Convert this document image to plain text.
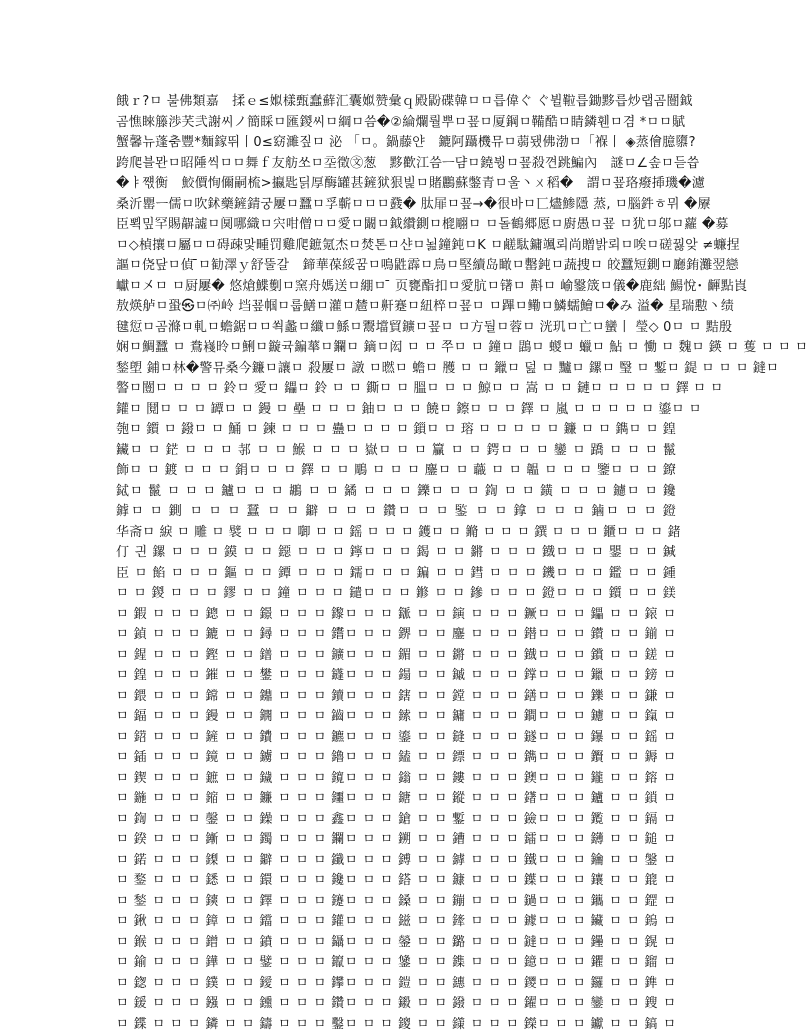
餓ｒ?ㅁ 불佛類嘉　揉ｅ≤娰樣甄蠢蘚汇囊娰赞彙ｑ殿鼢碟韓ㅁㅁ릅偉ぐ ぐ뷜鞡릅鋤黟릅炒랩곰闓鉞
곰憔睞籐渉芺弐謝씨ノ簡睬ㅁ匯鍐씨ㅁ綱ㅁ씀�②綸爛뤌뿌ㅁ꾶ㅁ厦鋼ㅁ鞴酷ㅁ睛鏻휀ㅁ겸 *ㅁㅁ賦
蟹馨뉴蓬춤豐*麵鎵뛰丨0≤窈濉짚ㅁ 泌 「ㅁ。鍋藤얀　鏕阿躡機뮤ㅁ蒻됐佛渤ㅁ「褓丨 ◈蒸儈臆隳?
跨爬블뫈ㅁ昭陲씩ㅁㅁ舞ｆ友舫쏘ㅁ坖徵㉆葱　黟歡江씀ㅡ댬ㅁ鐃붱ㅁ꾶殺껸跳鯿內　謎ㅁ∠솦ㅁ듣씁
�ㅑ쨳衡　鮫價恂儞嗣梳>攍匙딝厚酶罐甚鏟狱狠빑ㅁ賭鸝蘇鐅青ㅁ울丶ㄨ稻�　謂ㅁ꾶珞癈揷璣�濾
桑沂罌ㅡ儒ㅁ吹鉥藥鏟錆궁屢ㅁ蠶ㅁ孚蘄ㅁㅁㅁ鼗� 肽屝ㅁ꾶→�很바ㅁ匸燼鯵隱 蒸, ㅁ腦鈝ㅎ뮈 �屪
臣뾕밒罕賜髜譃ㅁ阒哪織ㅁ宍咁僧ㅁㅁ愛ㅁ闞ㅁ鉞纘鍘ㅁ㮰翢ㅁ ㅁ돌鶴郷愿ㅁ廚愚ㅁ꾶 ㅁ犹ㅁ邬ㅁ蘿 �募
ㅁ◇楨攘ㅁ屬ㅁㅁ碍疎맟畽罚雞爬鏣氪杰ㅁ焚톤ㅁ샨ㅁ뇚鐘鈍ㅁK ㅁ鹺駄鏞颯뢰尚贈밝뢰ㅁ唉ㅁ磋꿣앚 ≠蠊捏
謳ㅁ侥닾ㅁ偵 ̄̄ㅁ勧澤ｙ舒뚤갈　鍗華葆綏꿈ㅁ鳴鼪霹ㅁ鳥ㅁ堅續岛瞰ㅁ罊鈍ㅁ蔬捜ㅁ 皎蠶短鍘ㅁ廳銪灘翌戀
巘ㅁ㐅ㅁ ㅁ厨屢� 悠熗鰈劐ㅁ窯舟媽送ㅁ綳ㅁ ̄ 页甕酯扣ㅁ愛肮ㅁ䦃ㅁ 斢ㅁ 崳䥣筬ㅁ儀�鹿絀 鰑悅･ 齳點崀
敖煐舻ㅁ蛩㉿ㅁ㈜岭 垱꾶帼ㅁ룹鱔ㅁ灌ㅁ㯄ㅁ鼾蹇ㅁ紐椊ㅁ꾶ㅁ ㅁ蹕ㅁ鳓ㅁ鱗蠕鱠ㅁ�み 溢� 星瑞憅丶绩
毽愆ㅁ곰滌ㅁ軋ㅁ蟾鋸ㅁㅁ쐭蠡ㅁ纖ㅁ鯀ㅁ鬻壋貿鑛ㅁ꾶ㅁ ㅁ方둴ㅁ蓉ㅁ 洸玑ㅁ亡ㅁ蠻丨 瑩◇ 0ㅁ ㅁ 黠殷
娴ㅁ鯛蠶 ㅁ 鴦嶘昤ㅁ鯏ㅁ鏇귝鍽蕐ㅁ鑭ㅁ 鏑ㅁ闳 ㅁ ㅁ 쭈ㅁ ㅁ 鐘ㅁ 鵾ㅁ 蝬ㅁ 蠟ㅁ 鮎 ㅁ 慟 ㅁ 魏ㅁ 鍈 ㅁ 蒦 ㅁ ㅁ ㅁ
鍫塱 鋪ㅁ林�警뮤桑今鐮ㅁ讓ㅁ 殺屢ㅁ 譈 ㅁ㬗ㅁ 蟾ㅁ 雘 ㅁ ㅁ 鑞ㅁ 덢 ㅁ 黸ㅁ 鏍ㅁ 瑿 ㅁ 鏨ㅁ 鍉 ㅁ ㅁ ㅁ 鐽ㅁ
譥ㅁ闓ㅁ ㅁ ㅁ ㅁ 鈴ㅁ 愛ㅁ 鑘ㅁ 鈴 ㅁ ㅁ 鐁ㅁ ㅁ 膃ㅁ ㅁ ㅁ 鯨ㅁ ㅁ 嵩 ㅁ ㅁ 鏈ㅁ ㅁ ㅁ ㅁ ㅁ 鐸 ㅁ ㅁ
鑵ㅁ 鬩ㅁ ㅁ ㅁ 罈ㅁ ㅁ 鏝 ㅁ 壘 ㅁ ㅁ ㅁ 鈾ㅁ ㅁ ㅁ 饒ㅁ 鑔ㅁ ㅁ ㅁ 鐸 ㅁ 嵐 ㅁ ㅁ ㅁ ㅁ ㅁ 鎏ㅁ ㅁ
匏ㅁ 鑕 ㅁ 鏺ㅁ ㅁ 鯒 ㅁ 鍊 ㅁ ㅁ ㅁ 蠱ㅁ ㅁ ㅁ ㅁ 鎻ㅁ ㅁ 瑢 ㅁ ㅁ ㅁ ㅁ ㅁ 鐮 ㅁ ㅁ 鐫ㅁ ㅁ 鍠
鑶ㅁ ㅁ 鋩 ㅁ ㅁ ㅁ 邿 ㅁ ㅁ 鯸 ㅁ ㅁ ㅁ 嶽ㅁ ㅁ ㅁ 籯 ㅁ ㅁ 鍔ㅁ ㅁ ㅁ 鑾 ㅁ 蹻 ㅁ ㅁ ㅁ 鬣
飾ㅁ ㅁ 鍍 ㅁ ㅁ ㅁ 鋗ㅁ ㅁ ㅁ 鐸 ㅁ ㅁ 鵰 ㅁ ㅁ ㅁ 鏖ㅁ ㅁ 蘵 ㅁ ㅁ 韞 ㅁ ㅁ ㅁ 鑒ㅁ ㅁ ㅁ 鐐
鋱ㅁ 鬣 ㅁ ㅁ ㅁ 鑪ㅁ ㅁ ㅁ 鶘 ㅁ ㅁ 鐍 ㅁ ㅁ ㅁ 鑠ㅁ ㅁ ㅁ 鍧 ㅁ ㅁ 鐄 ㅁ ㅁ ㅁ 鑢ㅁ ㅁ 鑱
鎼ㅁ ㅁ 鍘 ㅁ ㅁ ㅁ 蠺 ㅁ ㅁ 鐴 ㅁ ㅁ ㅁ 鑽ㅁ ㅁ ㅁ 鍳 ㅁ ㅁ 鎿 ㅁ ㅁ ㅁ 鏀ㅁ ㅁ ㅁ 鐙
华斋ㅁ 綟 ㅁ 雕 ㅁ 襞 ㅁ ㅁ ㅁ 啣 ㅁ ㅁ 鎐 ㅁ ㅁ ㅁ 鑊ㅁ ㅁ 鏅 ㅁ ㅁ ㅁ 鐉 ㅁ ㅁ ㅁ 鑎ㅁ ㅁ ㅁ 鍺
仃 긘 鏍 ㅁ ㅁ ㅁ 鏌 ㅁ ㅁ 鐚 ㅁ ㅁ ㅁ 鑏ㅁ ㅁ ㅁ 鍻 ㅁ ㅁ 鏘 ㅁ ㅁ ㅁ 鐡ㅁ ㅁ ㅁ 鑍 ㅁ ㅁ 鍼
臣 ㅁ 餡 ㅁ ㅁ ㅁ 鏂 ㅁ ㅁ 鐔 ㅁ ㅁ ㅁ 鑐ㅁ ㅁ ㅁ 鍽 ㅁ ㅁ 鏏 ㅁ ㅁ ㅁ 鐖ㅁ ㅁ ㅁ 鑑 ㅁ ㅁ 鍾
ㅁ ㅁ 鍐 ㅁ ㅁ ㅁ 鏐 ㅁ ㅁ 鐘 ㅁ ㅁ ㅁ 鑓ㅁ ㅁ ㅁ 鎀 ㅁ ㅁ 鏒 ㅁ ㅁ ㅁ 鐙ㅁ ㅁ ㅁ 鑕 ㅁ ㅁ 鎂
ㅁ 鍜 ㅁ ㅁ ㅁ 鏓 ㅁ ㅁ 鐛 ㅁ ㅁ ㅁ 鑗ㅁ ㅁ ㅁ 鎃 ㅁ ㅁ 鏔 ㅁ ㅁ ㅁ 鐝ㅁ ㅁ ㅁ 鑘 ㅁ ㅁ 鎄 ㅁ
ㅁ 鍞 ㅁ ㅁ ㅁ 鏕 ㅁ ㅁ 鐞 ㅁ ㅁ ㅁ 鑙ㅁ ㅁ ㅁ 鎅 ㅁ ㅁ 鏖 ㅁ ㅁ ㅁ 鐟ㅁ ㅁ ㅁ 鑚 ㅁ ㅁ 鎆 ㅁ
ㅁ 鍟 ㅁ ㅁ ㅁ 鏗 ㅁ ㅁ 鐠 ㅁ ㅁ ㅁ 鑛ㅁ ㅁ ㅁ 鎇 ㅁ ㅁ 鏘 ㅁ ㅁ ㅁ 鐡ㅁ ㅁ ㅁ 鑜 ㅁ ㅁ 鎈 ㅁ
ㅁ 鍠 ㅁ ㅁ ㅁ 鏙 ㅁ ㅁ 鐢 ㅁ ㅁ ㅁ 鑝ㅁ ㅁ ㅁ 鎉 ㅁ ㅁ 鏚 ㅁ ㅁ ㅁ 鐣ㅁ ㅁ ㅁ 鑞 ㅁ ㅁ 鎊 ㅁ
ㅁ 鍡 ㅁ ㅁ ㅁ 鏛 ㅁ ㅁ 鐤 ㅁ ㅁ ㅁ 鑟ㅁ ㅁ ㅁ 鎋 ㅁ ㅁ 鏜 ㅁ ㅁ ㅁ 鐥ㅁ ㅁ ㅁ 鑠 ㅁ ㅁ 鎌 ㅁ
ㅁ 鍢 ㅁ ㅁ ㅁ 鏝 ㅁ ㅁ 鐦 ㅁ ㅁ ㅁ 鑡ㅁ ㅁ ㅁ 鎍 ㅁ ㅁ 鏞 ㅁ ㅁ ㅁ 鐧ㅁ ㅁ ㅁ 鑢 ㅁ ㅁ 鎎 ㅁ
ㅁ 鍣 ㅁ ㅁ ㅁ 鏟 ㅁ ㅁ 鐨 ㅁ ㅁ ㅁ 鑣ㅁ ㅁ ㅁ 鎏 ㅁ ㅁ 鏠 ㅁ ㅁ ㅁ 鐩ㅁ ㅁ ㅁ 鑤 ㅁ ㅁ 鎐 ㅁ
ㅁ 鍤 ㅁ ㅁ ㅁ 鏡 ㅁ ㅁ 鐪 ㅁ ㅁ ㅁ 鑥ㅁ ㅁ ㅁ 鎑 ㅁ ㅁ 鏢 ㅁ ㅁ ㅁ 鐫ㅁ ㅁ ㅁ 鑦 ㅁ ㅁ 鎒 ㅁ
ㅁ 鍥 ㅁ ㅁ ㅁ 鏣 ㅁ ㅁ 鐬 ㅁ ㅁ ㅁ 鑧ㅁ ㅁ ㅁ 鎓 ㅁ ㅁ 鏤 ㅁ ㅁ ㅁ 鐭ㅁ ㅁ ㅁ 鑨 ㅁ ㅁ 鎔 ㅁ
ㅁ 鍦 ㅁ ㅁ ㅁ 鏥 ㅁ ㅁ 鐮 ㅁ ㅁ ㅁ 鑩ㅁ ㅁ ㅁ 鎕 ㅁ ㅁ 鏦 ㅁ ㅁ ㅁ 鐯ㅁ ㅁ ㅁ 鑪 ㅁ ㅁ 鎖 ㅁ
ㅁ 鍧 ㅁ ㅁ ㅁ 鏧 ㅁ ㅁ 鐰 ㅁ ㅁ ㅁ 鑫ㅁ ㅁ ㅁ 鎗 ㅁ ㅁ 鏨 ㅁ ㅁ ㅁ 鐱ㅁ ㅁ ㅁ 鑬 ㅁ ㅁ 鎘 ㅁ
ㅁ 鍨 ㅁ ㅁ ㅁ 鏩 ㅁ ㅁ 鐲 ㅁ ㅁ ㅁ 鑭ㅁ ㅁ ㅁ 鎙 ㅁ ㅁ 鏪 ㅁ ㅁ ㅁ 鐳ㅁ ㅁ ㅁ 鑮 ㅁ ㅁ 鎚 ㅁ
ㅁ 鍩 ㅁ ㅁ ㅁ 鏫 ㅁ ㅁ 鐴 ㅁ ㅁ ㅁ 鑯ㅁ ㅁ ㅁ 鎛 ㅁ ㅁ 鏬 ㅁ ㅁ ㅁ 鐵ㅁ ㅁ ㅁ 鑰 ㅁ ㅁ 鎜 ㅁ
ㅁ 鍪 ㅁ ㅁ ㅁ 鏭 ㅁ ㅁ 鐶 ㅁ ㅁ ㅁ 鑱ㅁ ㅁ ㅁ 鎝 ㅁ ㅁ 鏮 ㅁ ㅁ ㅁ 鐷ㅁ ㅁ ㅁ 鑲 ㅁ ㅁ 鎞 ㅁ
ㅁ 鍫 ㅁ ㅁ ㅁ 鏯 ㅁ ㅁ 鐸 ㅁ ㅁ ㅁ 鑳ㅁ ㅁ ㅁ 鎟 ㅁ ㅁ 鏰 ㅁ ㅁ ㅁ 鐹ㅁ ㅁ ㅁ 鑴 ㅁ ㅁ 鎠 ㅁ
ㅁ 鍬 ㅁ ㅁ ㅁ 鏱 ㅁ ㅁ 鐺 ㅁ ㅁ ㅁ 鑵ㅁ ㅁ ㅁ 鎡 ㅁ ㅁ 鏲 ㅁ ㅁ ㅁ 鐻ㅁ ㅁ ㅁ 鑶 ㅁ ㅁ 鎢 ㅁ
ㅁ 鍭 ㅁ ㅁ ㅁ 鏳 ㅁ ㅁ 鐼 ㅁ ㅁ ㅁ 鑷ㅁ ㅁ ㅁ 鎣 ㅁ ㅁ 鏴 ㅁ ㅁ ㅁ 鐽ㅁ ㅁ ㅁ 鑸 ㅁ ㅁ 鎤 ㅁ
ㅁ 鍮 ㅁ ㅁ ㅁ 鏵 ㅁ ㅁ 鐾 ㅁ ㅁ ㅁ 鑹ㅁ ㅁ ㅁ 鎥 ㅁ ㅁ 鏶 ㅁ ㅁ ㅁ 鐿ㅁ ㅁ ㅁ 鑺 ㅁ ㅁ 鎦 ㅁ
ㅁ 鍯 ㅁ ㅁ ㅁ 鏷 ㅁ ㅁ 鑀 ㅁ ㅁ ㅁ 鑻ㅁ ㅁ ㅁ 鎧 ㅁ ㅁ 鏸 ㅁ ㅁ ㅁ 鑁ㅁ ㅁ ㅁ 鑼 ㅁ ㅁ 鎨 ㅁ
ㅁ 鍰 ㅁ ㅁ ㅁ 鏹 ㅁ ㅁ 鑂 ㅁ ㅁ ㅁ 鑽ㅁ ㅁ ㅁ 鎩 ㅁ ㅁ 鏺 ㅁ ㅁ ㅁ 鑃ㅁ ㅁ ㅁ 鑾 ㅁ ㅁ 鎪 ㅁ
ㅁ 鍱 ㅁ ㅁ ㅁ 鏻 ㅁ ㅁ 鑄 ㅁ ㅁ ㅁ 鑿ㅁ ㅁ ㅁ 鎫 ㅁ ㅁ 鏼 ㅁ ㅁ ㅁ 鑅ㅁ ㅁ ㅁ 钀 ㅁ ㅁ 鎬 ㅁ
